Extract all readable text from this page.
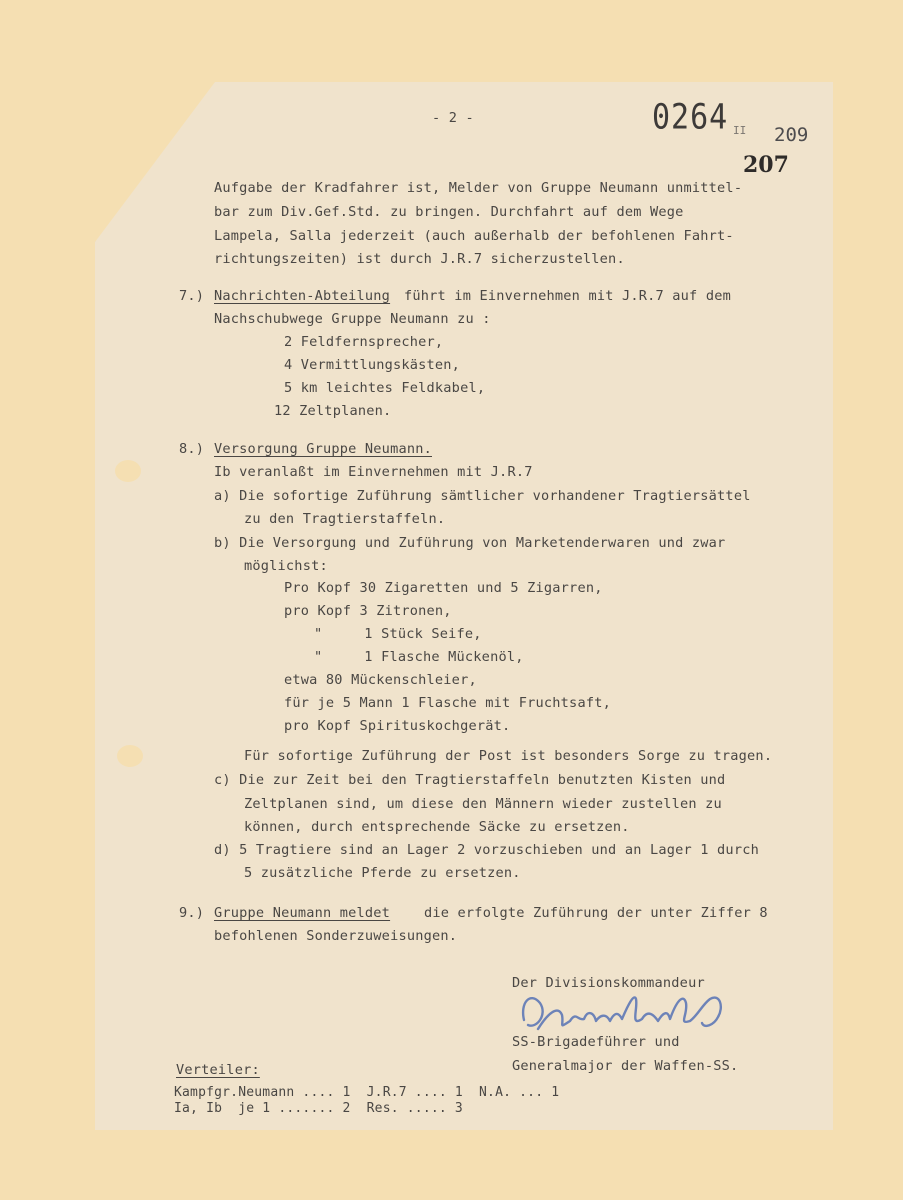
- 2 -	0264 II 209
207
Aufgabe der Kradfahrer ist, Melder von Gruppe Neumann unmittel-
bar zum Div.Gef.Std. zu bringen. Durchfahrt auf dem Wege
Lampela, Salla jederzeit (auch außerhalb der befohlenen Fahrt-
richtungszeiten) ist durch J.R.7 sicherzustellen.
7.) Nachrichten-Abteilung führt im Einvernehmen mit J.R.7 auf dem
Nachschubwege Gruppe Neumann zu :
2 Feldfernsprecher,
4 Vermittlungskästen,
5 km leichtes Feldkabel,
12 Zeltplanen.
8.) Versorgung Gruppe Neumann.
Ib veranlaßt im Einvernehmen mit J.R.7
a) Die sofortige Zuführung sämtlicher vorhandener Tragtiersättel
zu den Tragtierstaffeln.
b) Die Versorgung und Zuführung von Marketenderwaren und zwar
möglichst:
Pro Kopf 30 Zigaretten und 5 Zigarren,
pro Kopf 3 Zitronen,
"     1 Stück Seife,
"     1 Flasche Mückenöl,
etwa 80 Mückenschleier,
für je 5 Mann 1 Flasche mit Fruchtsaft,
pro Kopf Spirituskochgerät.
Für sofortige Zuführung der Post ist besonders Sorge zu tragen.
c) Die zur Zeit bei den Tragtierstaffeln benutzten Kisten und
Zeltplanen sind, um diese den Männern wieder zustellen zu
können, durch entsprechende Säcke zu ersetzen.
d) 5 Tragtiere sind an Lager 2 vorzuschieben und an Lager 1 durch
5 zusätzliche Pferde zu ersetzen.
9.) Gruppe Neumann meldet die erfolgte Zuführung der unter Ziffer 8
befohlenen Sonderzuweisungen.
Der Divisionskommandeur
SS-Brigadeführer und
Generalmajor der Waffen-SS.
Verteiler:
Kampfgr.Neumann .... 1  J.R.7 .... 1  N.A. ... 1
Ia, Ib  je 1 ....... 2  Res. ..... 3
